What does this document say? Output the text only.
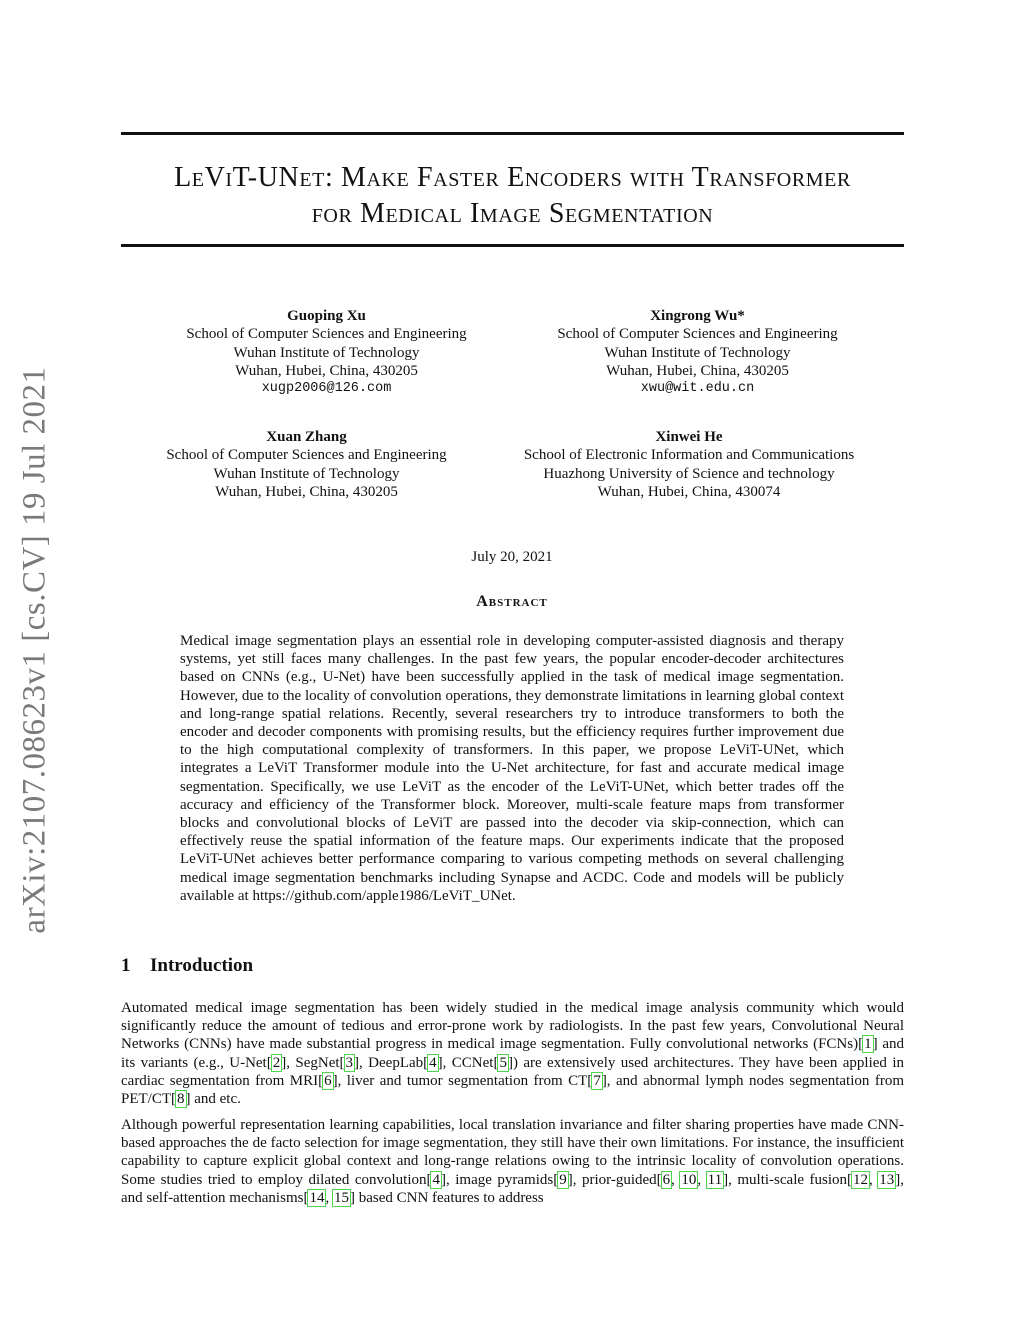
arXiv:2107.08623v1 [cs.CV] 19 Jul 2021
LeViT-UNet: Make Faster Encoders with Transformer
for Medical Image Segmentation
Guoping Xu
School of Computer Sciences and Engineering
Wuhan Institute of Technology
Wuhan, Hubei, China, 430205
xugp2006@126.com
Xingrong Wu*
School of Computer Sciences and Engineering
Wuhan Institute of Technology
Wuhan, Hubei, China, 430205
xwu@wit.edu.cn
Xuan Zhang
School of Computer Sciences and Engineering
Wuhan Institute of Technology
Wuhan, Hubei, China, 430205
Xinwei He
School of Electronic Information and Communications
Huazhong University of Science and technology
Wuhan, Hubei, China, 430074
July 20, 2021
Abstract
Medical image segmentation plays an essential role in developing computer-assisted diagnosis and therapy systems, yet still faces many challenges. In the past few years, the popular encoder-decoder architectures based on CNNs (e.g., U-Net) have been successfully applied in the task of medical image segmentation. However, due to the locality of convolution operations, they demonstrate limitations in learning global context and long-range spatial relations. Recently, several researchers try to introduce transformers to both the encoder and decoder components with promising results, but the efficiency requires further improvement due to the high computational complexity of transformers. In this paper, we propose LeViT-UNet, which integrates a LeViT Transformer module into the U-Net architecture, for fast and accurate medical image segmentation. Specifically, we use LeViT as the encoder of the LeViT-UNet, which better trades off the accuracy and efficiency of the Transformer block. Moreover, multi-scale feature maps from transformer blocks and convolutional blocks of LeViT are passed into the decoder via skip-connection, which can effectively reuse the spatial information of the feature maps. Our experiments indicate that the proposed LeViT-UNet achieves better performance comparing to various competing methods on several challenging medical image segmentation benchmarks including Synapse and ACDC. Code and models will be publicly available at https://github.com/apple1986/LeViT_UNet.
1 Introduction
Automated medical image segmentation has been widely studied in the medical image analysis community which would significantly reduce the amount of tedious and error-prone work by radiologists. In the past few years, Convolutional Neural Networks (CNNs) have made substantial progress in medical image segmentation. Fully convolutional networks (FCNs)[1] and its variants (e.g., U-Net[2], SegNet[3], DeepLab[4], CCNet[5]) are extensively used architectures. They have been applied in cardiac segmentation from MRI[6], liver and tumor segmentation from CT[7], and abnormal lymph nodes segmentation from PET/CT[8] and etc.
Although powerful representation learning capabilities, local translation invariance and filter sharing properties have made CNN-based approaches the de facto selection for image segmentation, they still have their own limitations. For instance, the insufficient capability to capture explicit global context and long-range relations owing to the intrinsic locality of convolution operations. Some studies tried to employ dilated convolution[4], image pyramids[9], prior-guided[6, 10, 11], multi-scale fusion[12, 13], and self-attention mechanisms[14, 15] based CNN features to address
